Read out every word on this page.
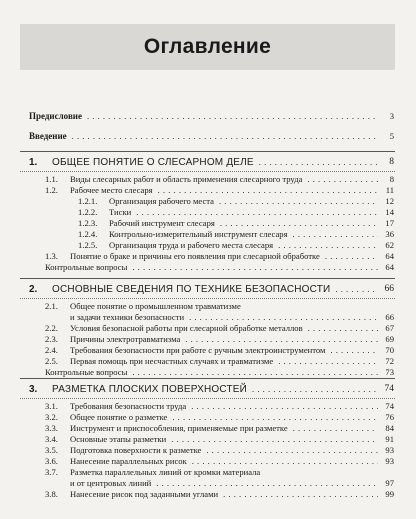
Оглавление
Предисловие . . .	3
Введение . . .	5
1. ОБЩЕЕ ПОНЯТИЕ О СЛЕСАРНОМ ДЕЛЕ . . .	8
1.1. Виды слесарных работ и область применения слесарного труда . . .	8
1.2. Рабочее место слесаря . . .	11
1.2.1. Организация рабочего места . . .	12
1.2.2. Тиски . . .	14
1.2.3. Рабочий инструмент слесаря . . .	17
1.2.4. Контрольно-измерительный инструмент слесаря . . .	36
1.2.5. Организация труда и рабочего места слесаря . . .	62
1.3. Понятие о браке и причины его появления при слесарной обработке . . .	64
Контрольные вопросы . . .	64
2. ОСНОВНЫЕ СВЕДЕНИЯ ПО ТЕХНИКЕ БЕЗОПАСНОСТИ . . .	66
2.1. Общее понятие о промышленном травматизме
и задачи техники безопасности . . .	66
2.2. Условия безопасной работы при слесарной обработке металлов . . .	67
2.3. Причины электротравматизма . . .	69
2.4. Требования безопасности при работе с ручным электроинструментом . . .	70
2.5. Первая помощь при несчастных случаях и травматизме . . .	72
Контрольные вопросы . . .	73
3. РАЗМЕТКА ПЛОСКИХ ПОВЕРХНОСТЕЙ . . .	74
3.1. Требования безопасности труда . . .	74
3.2. Общее понятие о разметке . . .	76
3.3. Инструмент и приспособления, применяемые при разметке . . .	84
3.4. Основные этапы разметки . . .	91
3.5. Подготовка поверхности к разметке . . .	93
3.6. Нанесение параллельных рисок . . .	93
3.7. Разметка параллельных линий от кромки материала
и от центровых линий . . .	97
3.8. Нанесение рисок под заданными углами . . .	99
